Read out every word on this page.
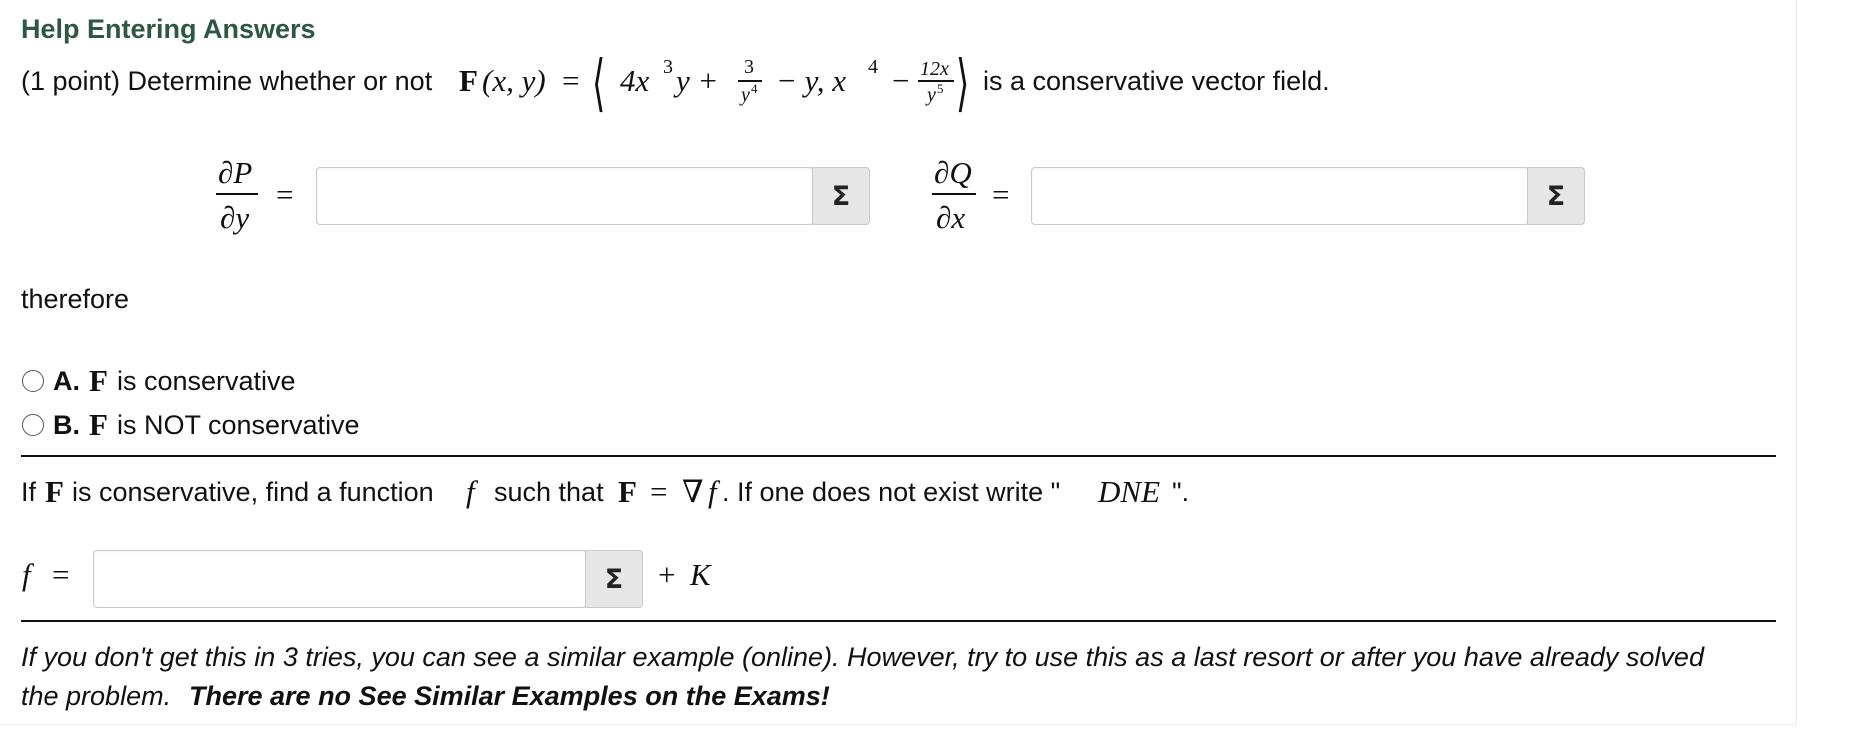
Help Entering Answers
(1 point) Determine whether or not F (x, y) = ⟨ 4x 3 y + 3
y 4 − y, x 4 − 12x
y 5 ⟩ is a conservative vector field.
∂P
∂y
=	Σ
∂Q
∂x
=	Σ
therefore
A. F is conservative
B. F is NOT conservative
If F is conservative, find a function f such that F = ∇ f . If one does not exist write " DNE ".
f =	Σ	+ K
If you don't get this in 3 tries, you can see a similar example (online). However, try to use this as a last resort or after you have already solved
the problem. There are no See Similar Examples on the Exams!
